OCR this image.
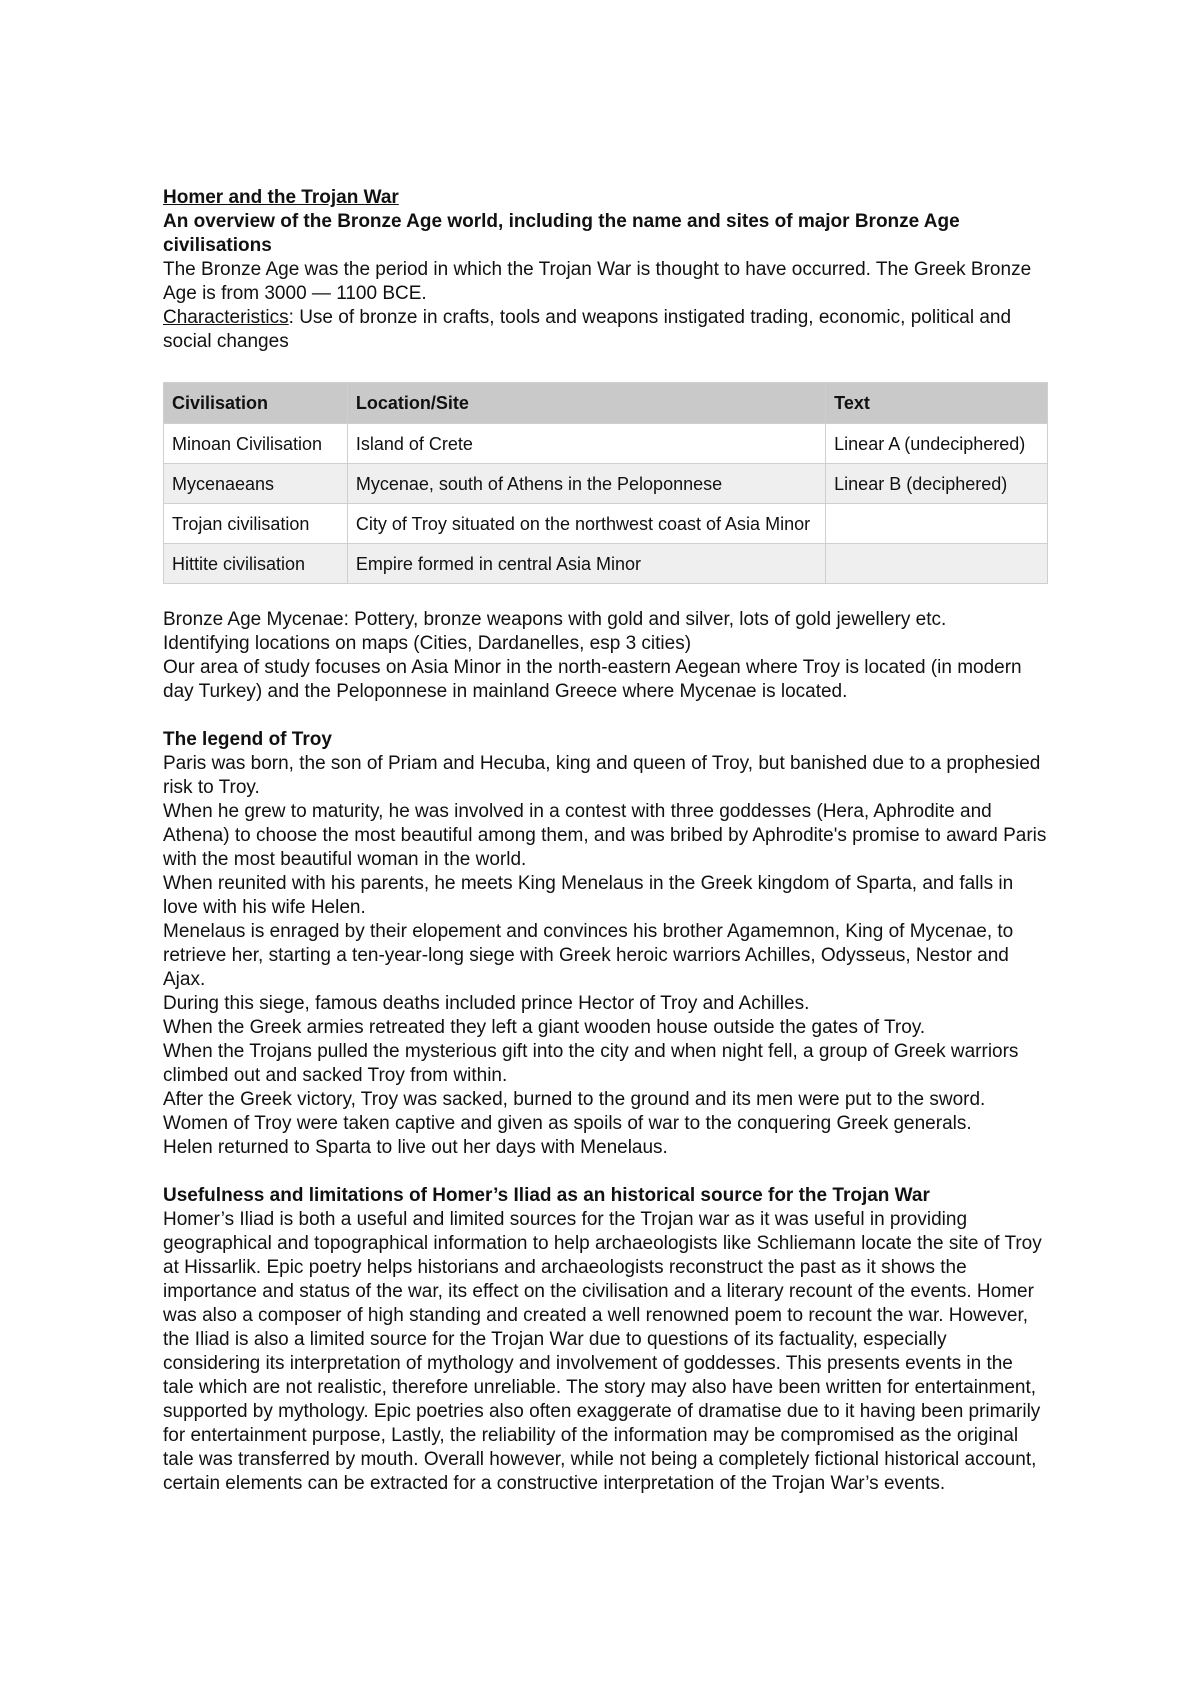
Homer and the Trojan War

An overview of the Bronze Age world, including the name and sites of major Bronze Age civilisations

The Bronze Age was the period in which the Trojan War is thought to have occurred. The Greek Bronze Age is from 3000 — 1100 BCE.

Characteristics: Use of bronze in crafts, tools and weapons instigated trading, economic, political and social changes

Civilisation	Location/Site	Text
Minoan Civilisation	Island of Crete	Linear A (undeciphered)
Mycenaeans	Mycenae, south of Athens in the Peloponnese	Linear B (deciphered)
Trojan civilisation	City of Troy situated on the northwest coast of Asia Minor	
Hittite civilisation	Empire formed in central Asia Minor	

Bronze Age Mycenae: Pottery, bronze weapons with gold and silver, lots of gold jewellery etc.

Identifying locations on maps (Cities, Dardanelles, esp 3 cities)

Our area of study focuses on Asia Minor in the north-eastern Aegean where Troy is located (in modern day Turkey) and the Peloponnese in mainland Greece where Mycenae is located.

The legend of Troy

Paris was born, the son of Priam and Hecuba, king and queen of Troy, but banished due to a prophesied risk to Troy.

When he grew to maturity, he was involved in a contest with three goddesses (Hera, Aphrodite and Athena) to choose the most beautiful among them, and was bribed by Aphrodite's promise to award Paris with the most beautiful woman in the world.

When reunited with his parents, he meets King Menelaus in the Greek kingdom of Sparta, and falls in love with his wife Helen.

Menelaus is enraged by their elopement and convinces his brother Agamemnon, King of Mycenae, to retrieve her, starting a ten-year-long siege with Greek heroic warriors Achilles, Odysseus, Nestor and Ajax.

During this siege, famous deaths included prince Hector of Troy and Achilles.

When the Greek armies retreated they left a giant wooden house outside the gates of Troy.

When the Trojans pulled the mysterious gift into the city and when night fell, a group of Greek warriors climbed out and sacked Troy from within.

After the Greek victory, Troy was sacked, burned to the ground and its men were put to the sword.

Women of Troy were taken captive and given as spoils of war to the conquering Greek generals.

Helen returned to Sparta to live out her days with Menelaus.

Usefulness and limitations of Homer’s Iliad as an historical source for the Trojan War

Homer’s Iliad is both a useful and limited sources for the Trojan war as it was useful in providing geographical and topographical information to help archaeologists like Schliemann locate the site of Troy at Hissarlik. Epic poetry helps historians and archaeologists reconstruct the past as it shows the importance and status of the war, its effect on the civilisation and a literary recount of the events. Homer was also a composer of high standing and created a well renowned poem to recount the war. However, the Iliad is also a limited source for the Trojan War due to questions of its factuality, especially considering its interpretation of mythology and involvement of goddesses. This presents events in the tale which are not realistic, therefore unreliable. The story may also have been written for entertainment, supported by mythology. Epic poetries also often exaggerate of dramatise due to it having been primarily for entertainment purpose, Lastly, the reliability of the information may be compromised as the original tale was transferred by mouth. Overall however, while not being a completely fictional historical account, certain elements can be extracted for a constructive interpretation of the Trojan War’s events.
